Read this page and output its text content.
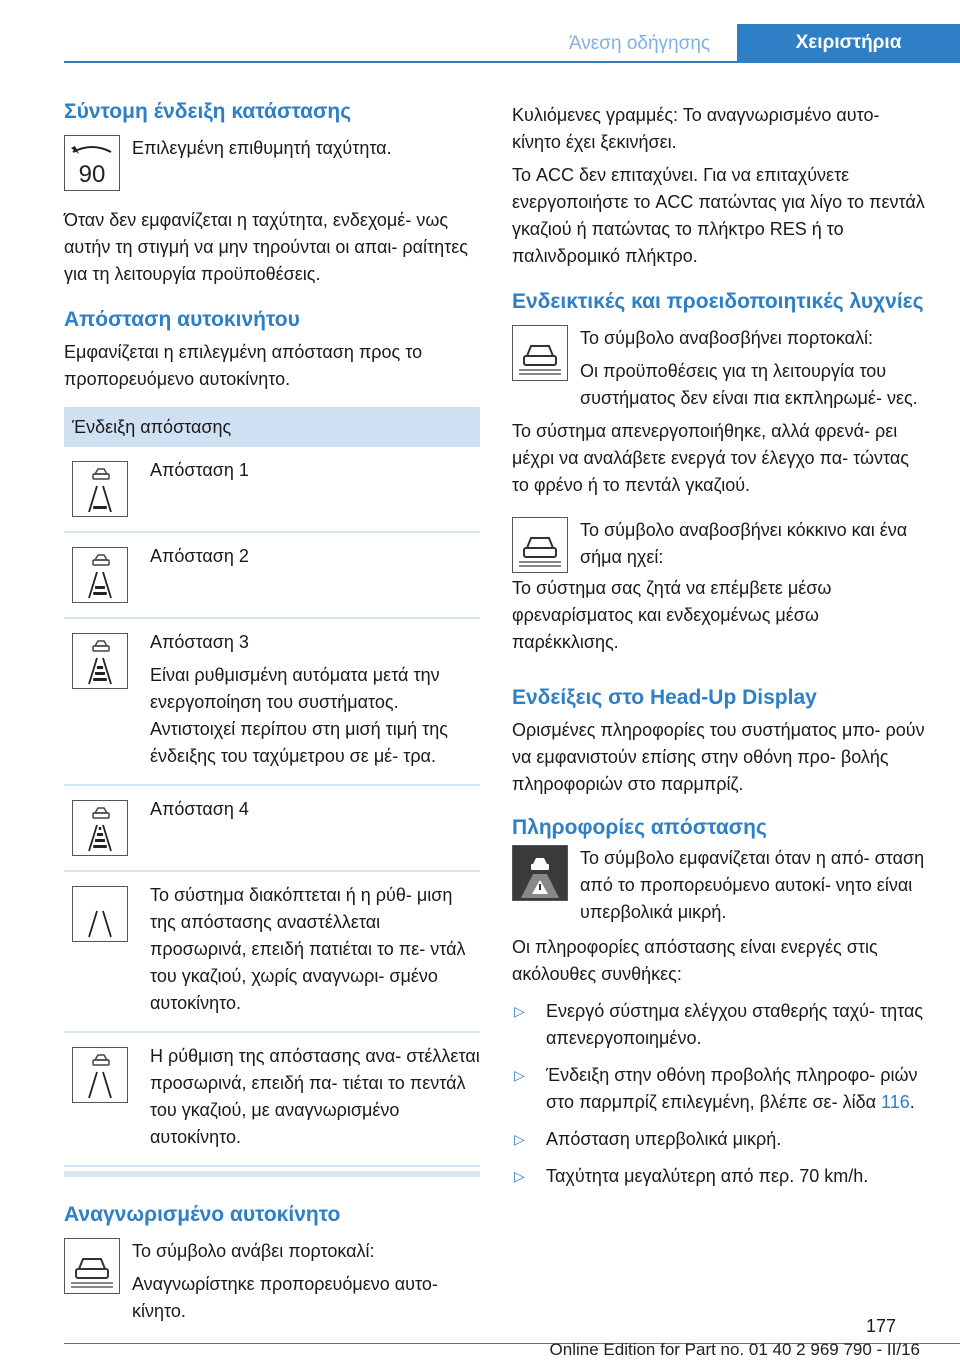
Άνεση οδήγησης	Χειριστήρια
Σύντομη ένδειξη κατάστασης
90

Επιλεγμένη επιθυμητή ταχύτητα.

Όταν δεν εμφανίζεται η ταχύτητα, ενδεχομέ- νως αυτήν τη στιγμή να μην τηρούνται οι απαι- ραίτητες για τη λειτουργία προϋποθέσεις.

Απόσταση αυτοκινήτου

Εμφανίζεται η επιλεγμένη απόσταση προς το προπορευόμενο αυτοκίνητο.

Ένδειξη απόστασης

Απόσταση 1

Απόσταση 2

Απόσταση 3

Είναι ρυθμισμένη αυτόματα μετά την ενεργοποίηση του συστήματος. Αντιστοιχεί περίπου στη μισή τιμή της ένδειξης του ταχύμετρου σε μέ- τρα.

Απόσταση 4

Το σύστημα διακόπτεται ή η ρύθ- μιση της απόστασης αναστέλλεται προσωρινά, επειδή πατιέται το πε- ντάλ του γκαζιού, χωρίς αναγνωρι- σμένο αυτοκίνητο.

Η ρύθμιση της απόστασης ανα- στέλλεται προσωρινά, επειδή πα- τιέται το πεντάλ του γκαζιού, με αναγνωρισμένο αυτοκίνητο.

Αναγνωρισμένο αυτοκίνητο

Το σύμβολο ανάβει πορτοκαλί:

Αναγνωρίστηκε προπορευόμενο αυτο- κίνητο.

Κυλιόμενες γραμμές: Το αναγνωρισμένο αυτο- κίνητο έχει ξεκινήσει.

Το ACC δεν επιταχύνει. Για να επιταχύνετε ενεργοποιήστε το ACC πατώντας για λίγο το πεντάλ γκαζιού ή πατώντας το πλήκτρο RES ή το παλινδρομικό πλήκτρο.

Ενδεικτικές και προειδοποιητικές λυχνίες

Το σύμβολο αναβοσβήνει πορτοκαλί:

Οι προϋποθέσεις για τη λειτουργία του συστήματος δεν είναι πια εκπληρωμέ- νες.

Το σύστημα απενεργοποιήθηκε, αλλά φρενά- ρει μέχρι να αναλάβετε ενεργά τον έλεγχο πα- τώντας το φρένο ή το πεντάλ γκαζιού.

Το σύμβολο αναβοσβήνει κόκκινο και ένα σήμα ηχεί:

Το σύστημα σας ζητά να επέμβετε μέσω φρεναρίσματος και ενδεχομένως μέσω παρέκκλισης.

Ενδείξεις στο Head-Up Display

Ορισμένες πληροφορίες του συστήματος μπο- ρούν να εμφανιστούν επίσης στην οθόνη προ- βολής πληροφοριών στο παρμπρίζ.

Πληροφορίες απόστασης

Το σύμβολο εμφανίζεται όταν η από- σταση από το προπορευόμενο αυτοκί- νητο είναι υπερβολικά μικρή.

Οι πληροφορίες απόστασης είναι ενεργές στις ακόλουθες συνθήκες:

▷ Ενεργό σύστημα ελέγχου σταθερής ταχύ- τητας απενεργοποιημένο.
▷ Ένδειξη στην οθόνη προβολής πληροφο- ριών στο παρμπρίζ επιλεγμένη, βλέπε σε- λίδα 116.
▷ Απόσταση υπερβολικά μικρή.
▷ Ταχύτητα μεγαλύτερη από περ. 70 km/h.
177
Online Edition for Part no. 01 40 2 969 790 - II/16
